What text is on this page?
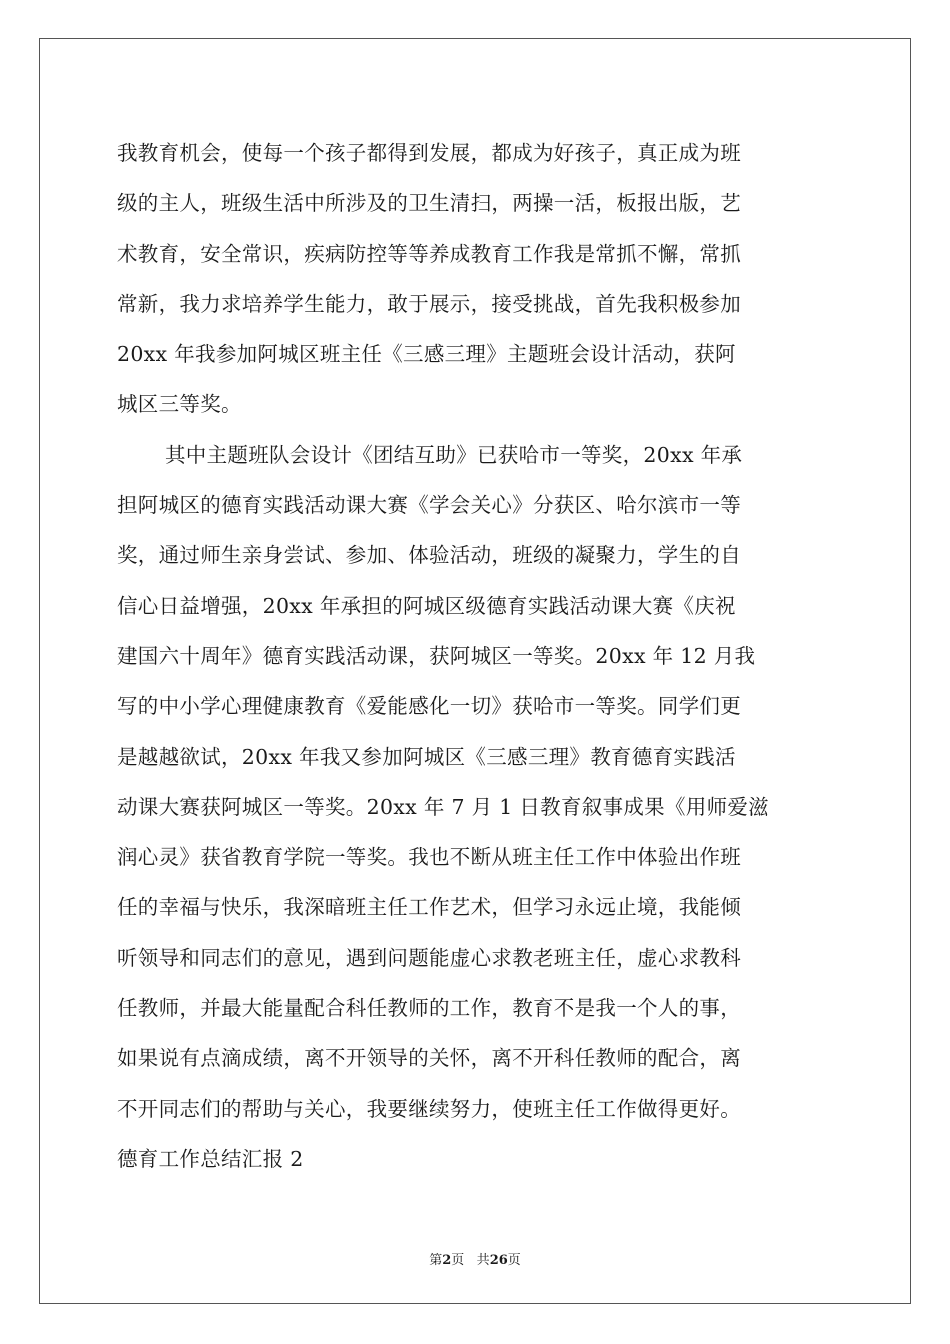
我教育机会，使每一个孩子都得到发展，都成为好孩子，真正成为班
级的主人，班级生活中所涉及的卫生清扫，两操一活，板报出版，艺
术教育，安全常识，疾病防控等等养成教育工作我是常抓不懈，常抓
常新，我力求培养学生能力，敢于展示，接受挑战，首先我积极参加
20xx 年我参加阿城区班主任《三感三理》主题班会设计活动，获阿
城区三等奖。
其中主题班队会设计《团结互助》已获哈市一等奖，20xx 年承
担阿城区的德育实践活动课大赛《学会关心》分获区、哈尔滨市一等
奖，通过师生亲身尝试、参加、体验活动，班级的凝聚力，学生的自
信心日益增强，20xx 年承担的阿城区级德育实践活动课大赛《庆祝
建国六十周年》德育实践活动课，获阿城区一等奖。20xx 年 12 月我
写的中小学心理健康教育《爱能感化一切》获哈市一等奖。同学们更
是越越欲试，20xx 年我又参加阿城区《三感三理》教育德育实践活
动课大赛获阿城区一等奖。20xx 年 7 月 1 日教育叙事成果《用师爱滋
润心灵》获省教育学院一等奖。我也不断从班主任工作中体验出作班
任的幸福与快乐，我深暗班主任工作艺术，但学习永远止境，我能倾
听领导和同志们的意见，遇到问题能虚心求教老班主任，虚心求教科
任教师，并最大能量配合科任教师的工作，教育不是我一个人的事，
如果说有点滴成绩，离不开领导的关怀，离不开科任教师的配合，离
不开同志们的帮助与关心，我要继续努力，使班主任工作做得更好。
德育工作总结汇报 2
第2页 共26页
